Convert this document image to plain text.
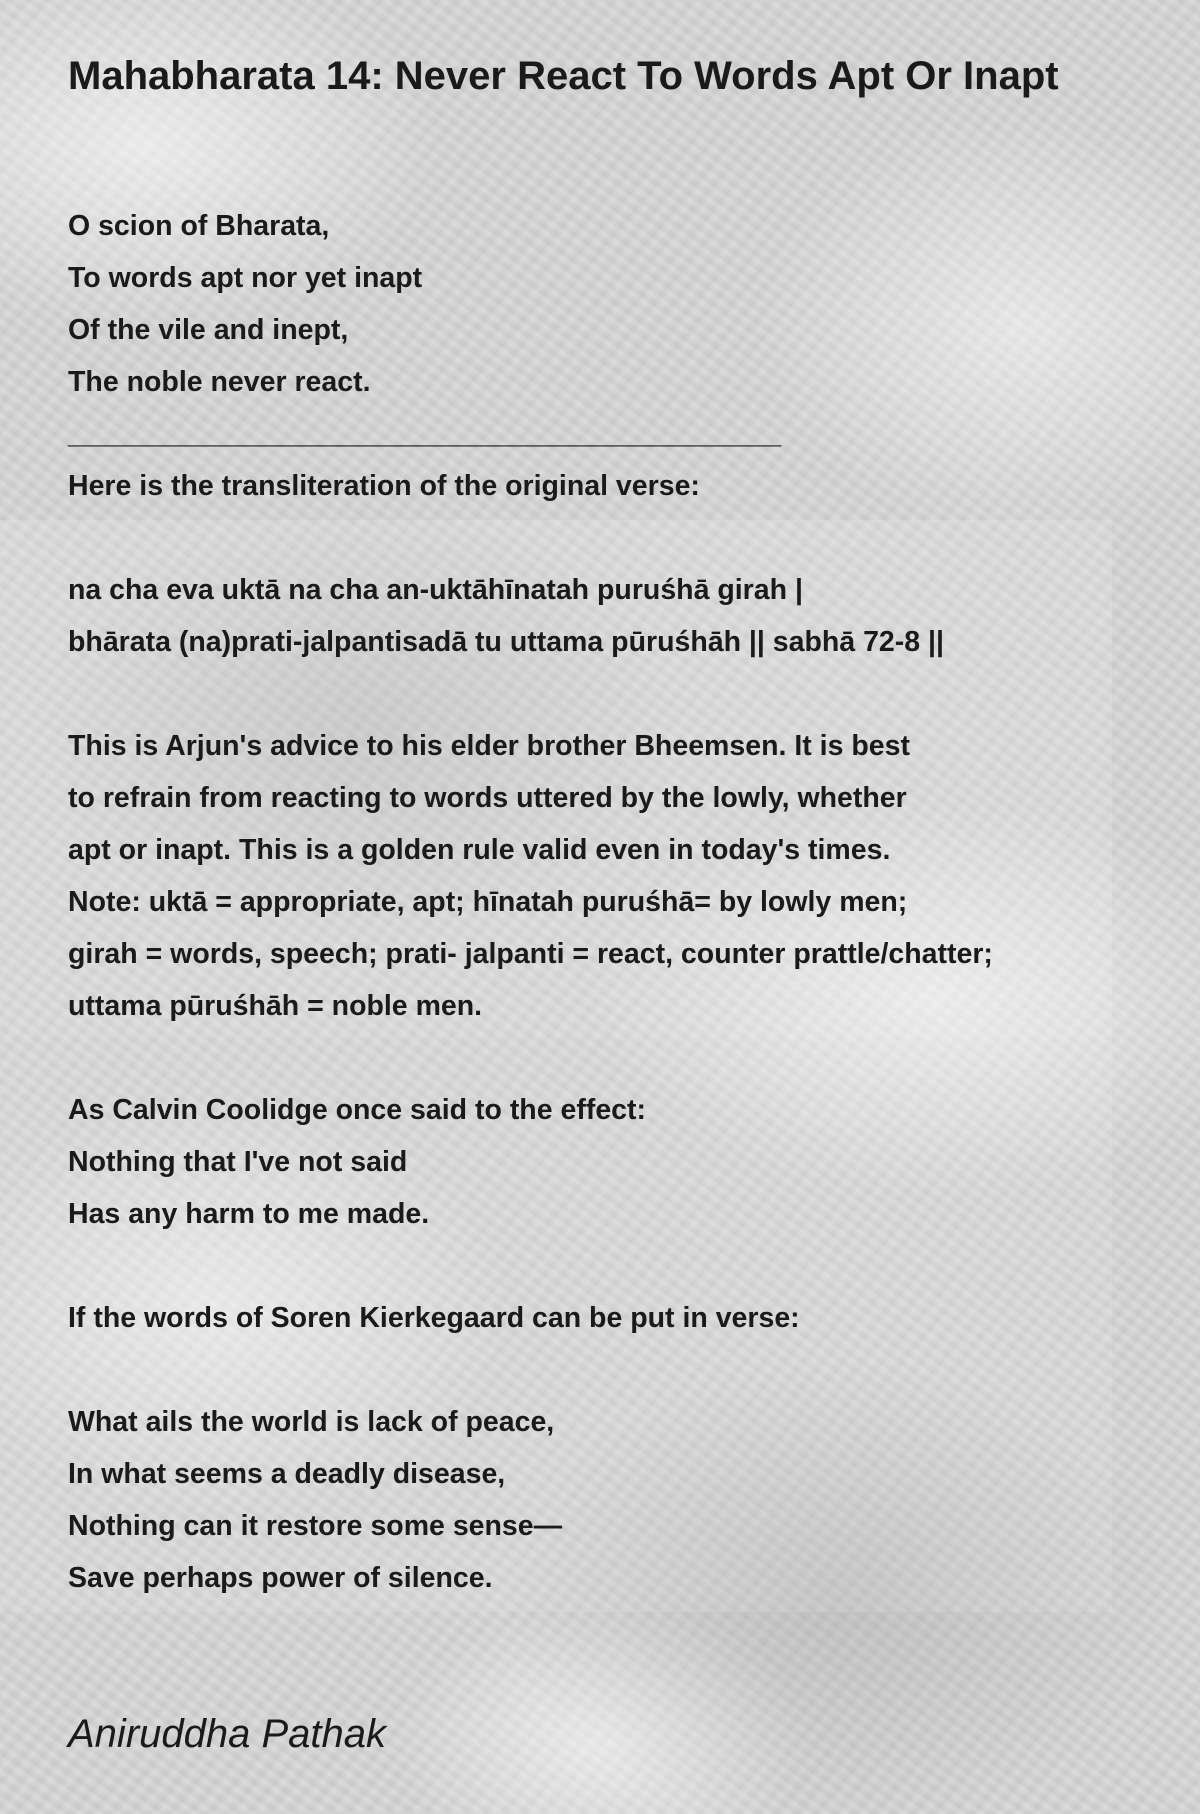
Mahabharata 14: Never React To Words Apt Or Inapt
O scion of Bharata,
To words apt nor yet inapt
Of the vile and inept,
The noble never react.
_____________________________________________
Here is the transliteration of the original verse:
na cha eva uktā na cha an-uktāhīnatah puruśhā girah |
bhārata (na)prati-jalpantisadā tu uttama pūruśhāh || sabhā 72-8 ||
This is Arjun's advice to his elder brother Bheemsen. It is best
to refrain from reacting to words uttered by the lowly, whether
apt or inapt. This is a golden rule valid even in today's times.
Note: uktā = appropriate, apt; hīnatah puruśhā= by lowly men;
girah = words, speech; prati- jalpanti = react, counter prattle/chatter;
uttama pūruśhāh = noble men.
As Calvin Coolidge once said to the effect:
Nothing that I've not said
Has any harm to me made.
If the words of Soren Kierkegaard can be put in verse:
What ails the world is lack of peace,
In what seems a deadly disease,
Nothing can it restore some sense—
Save perhaps power of silence.

Aniruddha Pathak
